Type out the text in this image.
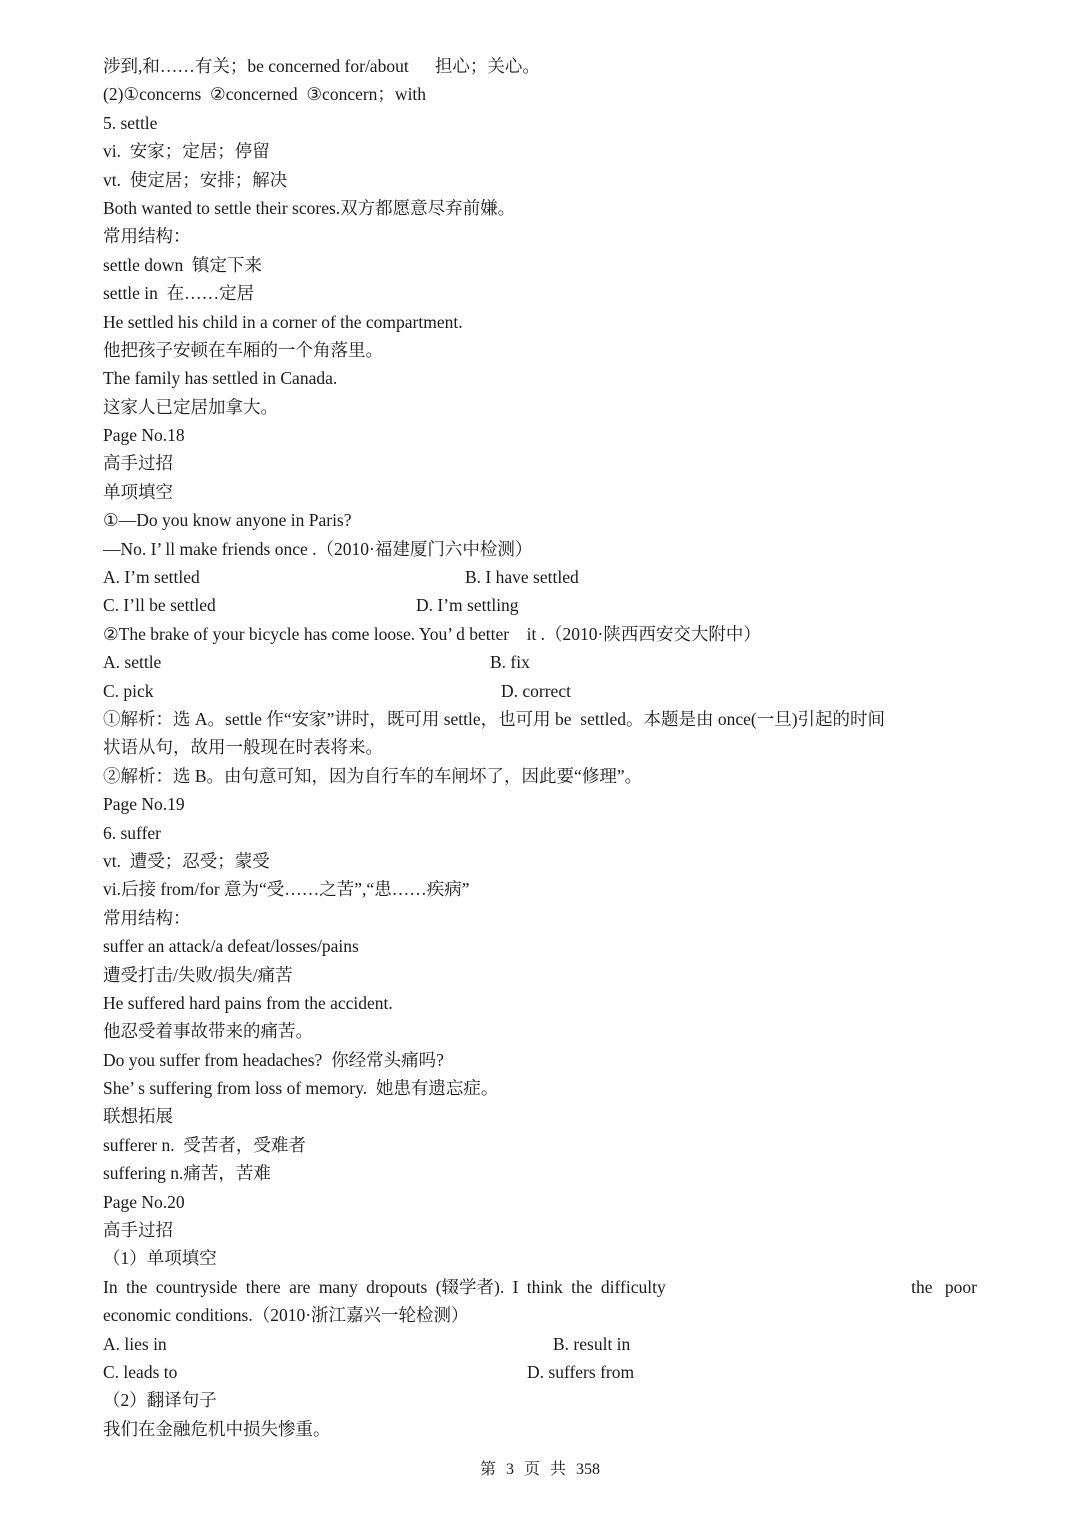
涉到,和……有关；be concerned for/about      担心；关心。
(2)①concerns  ②concerned  ③concern；with
5. settle
vi.  安家；定居；停留
vt.  使定居；安排；解决
Both wanted to settle their scores.双方都愿意尽弃前嫌。
常用结构：
settle down  镇定下来
settle in  在……定居
He settled his child in a corner of the compartment.
他把孩子安顿在车厢的一个角落里。
The family has settled in Canada.
这家人已定居加拿大。
Page No.18
高手过招
单项填空
①—Do you know anyone in Paris?
—No. I’ ll make friends once .（2010·福建厦门六中检测）
A. I’m settled	B. I have settled
C. I’ll be settled	D. I’m settling
②The brake of your bicycle has come loose. You’ d better    it .（2010·陕西西安交大附中）
A. settle	B. fix
C. pick	D. correct
①解析：选 A。settle 作“安家”讲时，既可用 settle，也可用 be  settled。本题是由 once(一旦)引起的时间
状语从句，故用一般现在时表将来。
②解析：选 B。由句意可知，因为自行车的车闸坏了，因此要“修理”。
Page No.19
6. suffer
vt.  遭受；忍受；蒙受
vi.后接 from/for 意为“受……之苦”,“患……疾病”
常用结构：
suffer an attack/a defeat/losses/pains
遭受打击/失败/损失/痛苦
He suffered hard pains from the accident.
他忍受着事故带来的痛苦。
Do you suffer from headaches?  你经常头痛吗?
She’ s suffering from loss of memory.  她患有遗忘症。
联想拓展
sufferer n.  受苦者，受难者
suffering n.痛苦，苦难
Page No.20
高手过招
（1）单项填空
In the countryside there are many dropouts (辍学者). I think the difficulty	the poor
economic conditions.（2010·浙江嘉兴一轮检测）
A. lies in	B. result in
C. leads to	D. suffers from
（2）翻译句子
我们在金融危机中损失惨重。
第 3 页 共 358
